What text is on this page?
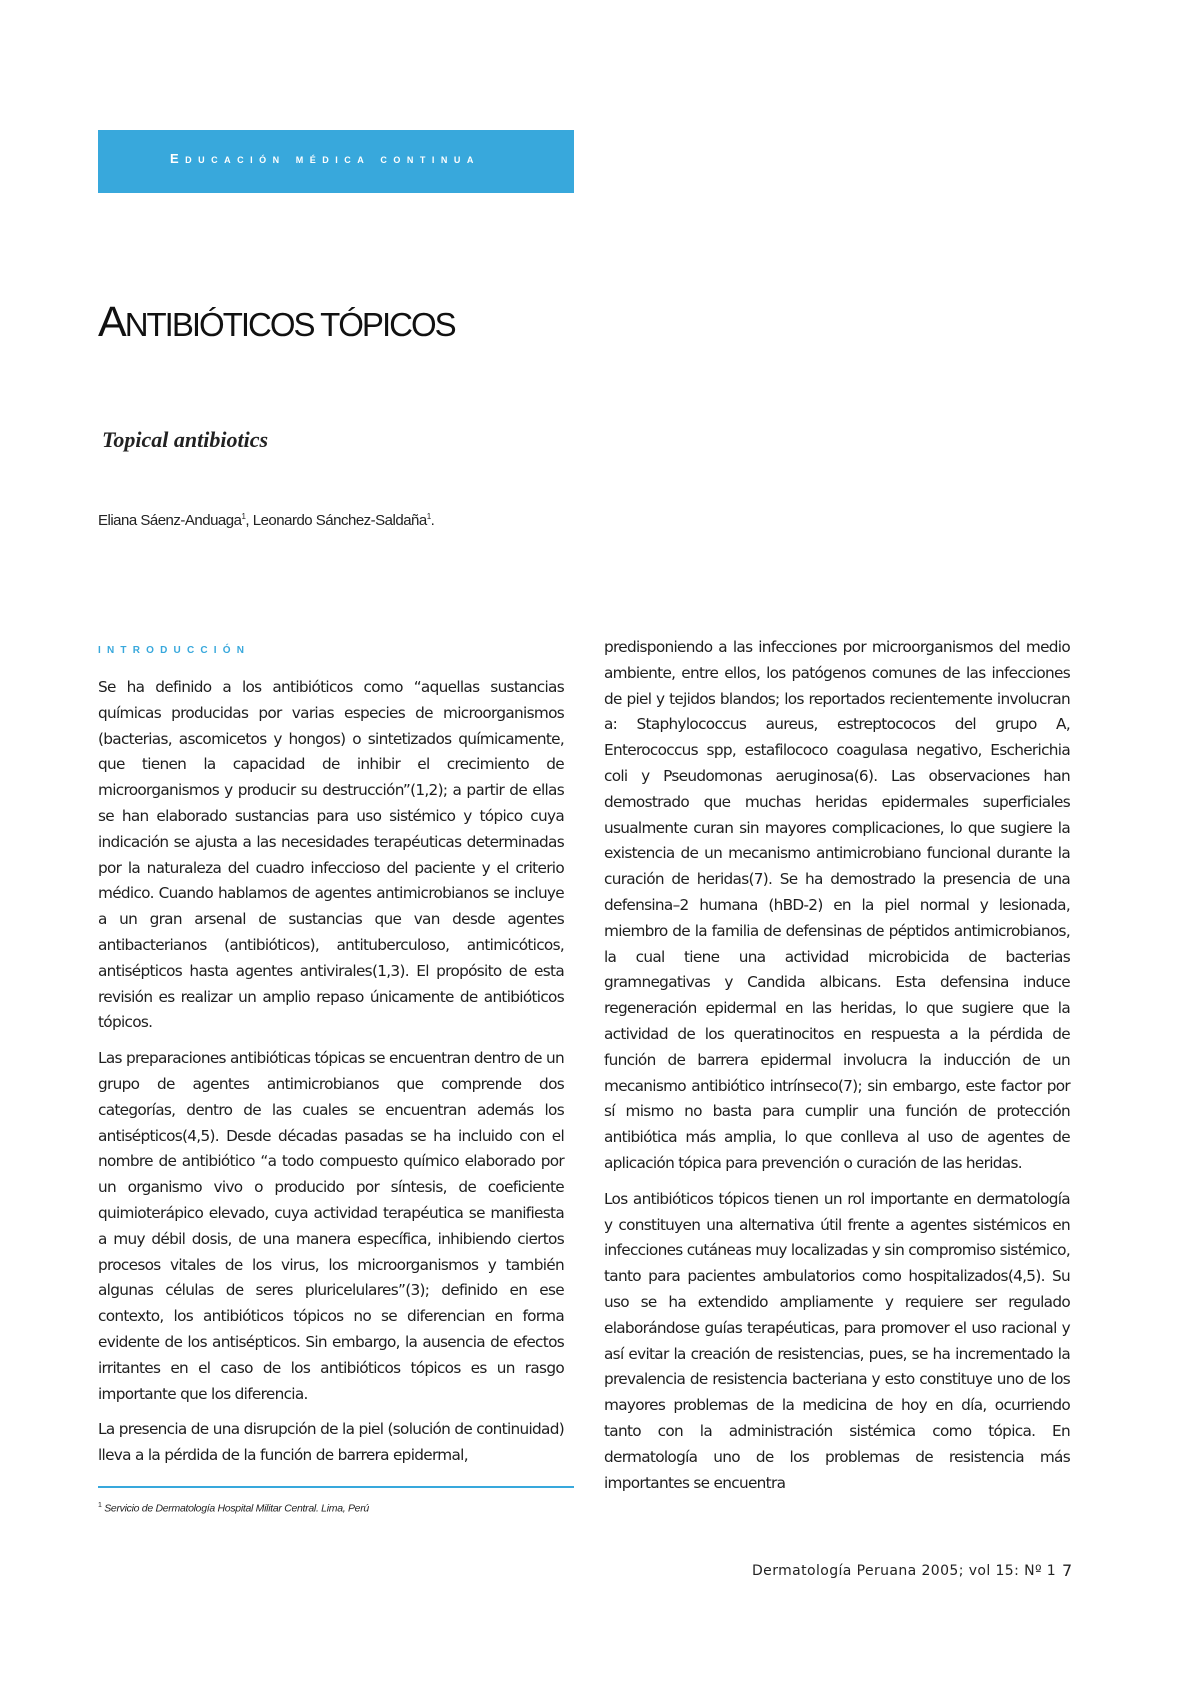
Educación médica continua
ANTIBIÓTICOS TÓPICOS
Topical antibiotics
Eliana Sáenz-Anduaga$^1$, Leonardo Sánchez-Saldaña$^1$.
INTRODUCCIÓN

Se ha definido a los antibióticos como “aquellas sustancias químicas producidas por varias especies de microorganismos (bacterias, ascomicetos y hongos) o sintetizados químicamente, que tienen la capacidad de inhibir el crecimiento de microorganismos y producir su destrucción”(1,2); a partir de ellas se han elaborado sustancias para uso sistémico y tópico cuya indicación se ajusta a las necesidades terapéuticas determinadas por la naturaleza del cuadro infeccioso del paciente y el criterio médico. Cuando hablamos de agentes antimicrobianos se incluye a un gran arsenal de sustancias que van desde agentes antibacterianos (antibióticos), antituberculoso, antimicóticos, antisépticos hasta agentes antivirales(1,3). El propósito de esta revisión es realizar un amplio repaso únicamente de antibióticos tópicos.

Las preparaciones antibióticas tópicas se encuentran dentro de un grupo de agentes antimicrobianos que comprende dos categorías, dentro de las cuales se encuentran además los antisépticos(4,5). Desde décadas pasadas se ha incluido con el nombre de antibiótico “a todo compuesto químico elaborado por un organismo vivo o producido por síntesis, de coeficiente quimioterápico elevado, cuya actividad terapéutica se manifiesta a muy débil dosis, de una manera específica, inhibiendo ciertos procesos vitales de los virus, los microorganismos y también algunas células de seres pluricelulares”(3); definido en ese contexto, los antibióticos tópicos no se diferencian en forma evidente de los antisépticos. Sin embargo, la ausencia de efectos irritantes en el caso de los antibióticos tópicos es un rasgo importante que los diferencia.

La presencia de una disrupción de la piel (solución de continuidad) lleva a la pérdida de la función de barrera epidermal,

predisponiendo a las infecciones por microorganismos del medio ambiente, entre ellos, los patógenos comunes de las infecciones de piel y tejidos blandos; los reportados recientemente involucran a: Staphylococcus aureus, estreptococos del grupo A, Enterococcus spp, estafilococo coagulasa negativo, Escherichia coli y Pseudomonas aeruginosa(6). Las observaciones han demostrado que muchas heridas epidermales superficiales usualmente curan sin mayores complicaciones, lo que sugiere la existencia de un mecanismo antimicrobiano funcional durante la curación de heridas(7). Se ha demostrado la presencia de una defensina–2 humana (hBD-2) en la piel normal y lesionada, miembro de la familia de defensinas de péptidos antimicrobianos, la cual tiene una actividad microbicida de bacterias gramnegativas y Candida albicans. Esta defensina induce regeneración epidermal en las heridas, lo que sugiere que la actividad de los queratinocitos en respuesta a la pérdida de función de barrera epidermal involucra la inducción de un mecanismo antibiótico intrínseco(7); sin embargo, este factor por sí mismo no basta para cumplir una función de protección antibiótica más amplia, lo que conlleva al uso de agentes de aplicación tópica para prevención o curación de las heridas.

Los antibióticos tópicos tienen un rol importante en dermatología y constituyen una alternativa útil frente a agentes sistémicos en infecciones cutáneas muy localizadas y sin compromiso sistémico, tanto para pacientes ambulatorios como hospitalizados(4,5). Su uso se ha extendido ampliamente y requiere ser regulado elaborándose guías terapéuticas, para promover el uso racional y así evitar la creación de resistencias, pues, se ha incrementado la prevalencia de resistencia bacteriana y esto constituye uno de los mayores problemas de la medicina de hoy en día, ocurriendo tanto con la administración sistémica como tópica. En dermatología uno de los problemas de resistencia más importantes se encuentra

$^1$ Servicio de Dermatología Hospital Militar Central. Lima, Perú
Dermatología Peruana 2005; vol 15: Nº 1 7
